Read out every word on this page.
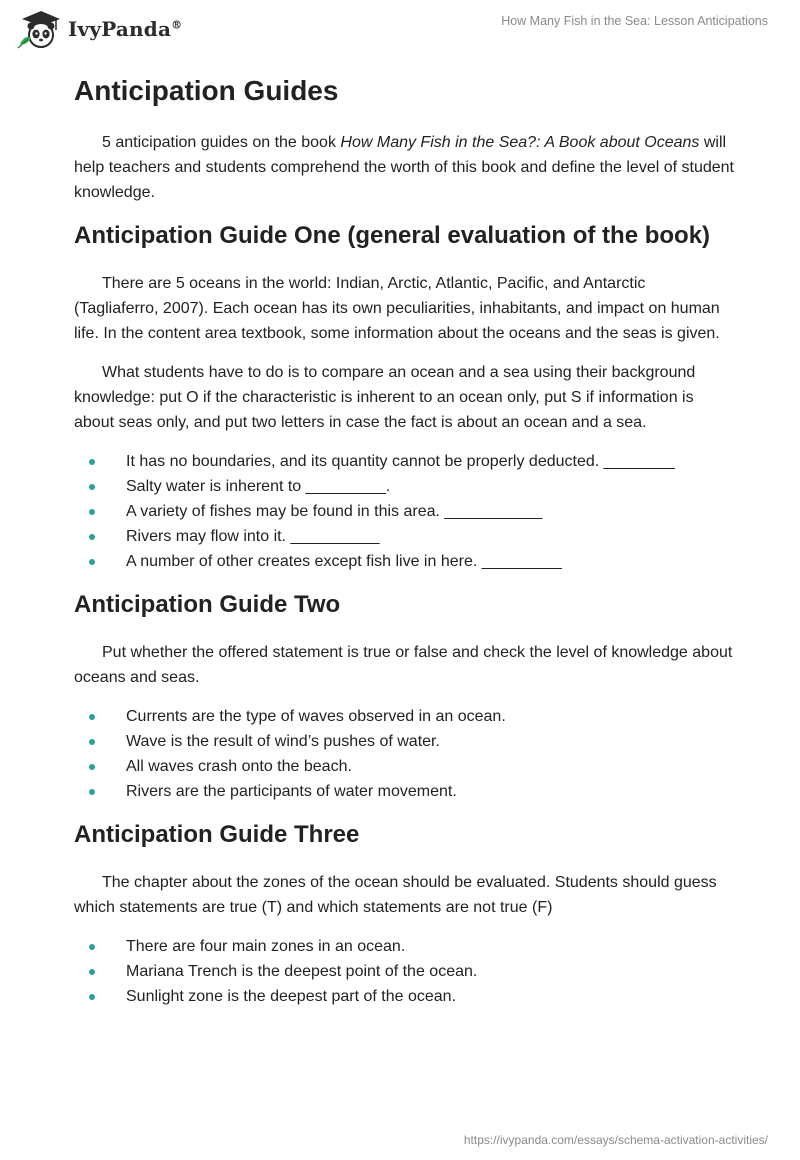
IvyPanda®	How Many Fish in the Sea: Lesson Anticipations
Anticipation Guides

5 anticipation guides on the book How Many Fish in the Sea?: A Book about Oceans will help teachers and students comprehend the worth of this book and define the level of student knowledge.

Anticipation Guide One (general evaluation of the book)

There are 5 oceans in the world: Indian, Arctic, Atlantic, Pacific, and Antarctic (Tagliaferro, 2007). Each ocean has its own peculiarities, inhabitants, and impact on human life. In the content area textbook, some information about the oceans and the seas is given.

What students have to do is to compare an ocean and a sea using their background knowledge: put O if the characteristic is inherent to an ocean only, put S if information is about seas only, and put two letters in case the fact is about an ocean and a sea.

It has no boundaries, and its quantity cannot be properly deducted. ________
Salty water is inherent to _________.
A variety of fishes may be found in this area. ___________
Rivers may flow into it. __________
A number of other creates except fish live in here. _________
Anticipation Guide Two

Put whether the offered statement is true or false and check the level of knowledge about oceans and seas.

Currents are the type of waves observed in an ocean.
Wave is the result of wind’s pushes of water.
All waves crash onto the beach.
Rivers are the participants of water movement.
Anticipation Guide Three

The chapter about the zones of the ocean should be evaluated. Students should guess which statements are true (T) and which statements are not true (F)

There are four main zones in an ocean.
Mariana Trench is the deepest point of the ocean.
Sunlight zone is the deepest part of the ocean.
https://ivypanda.com/essays/schema-activation-activities/
